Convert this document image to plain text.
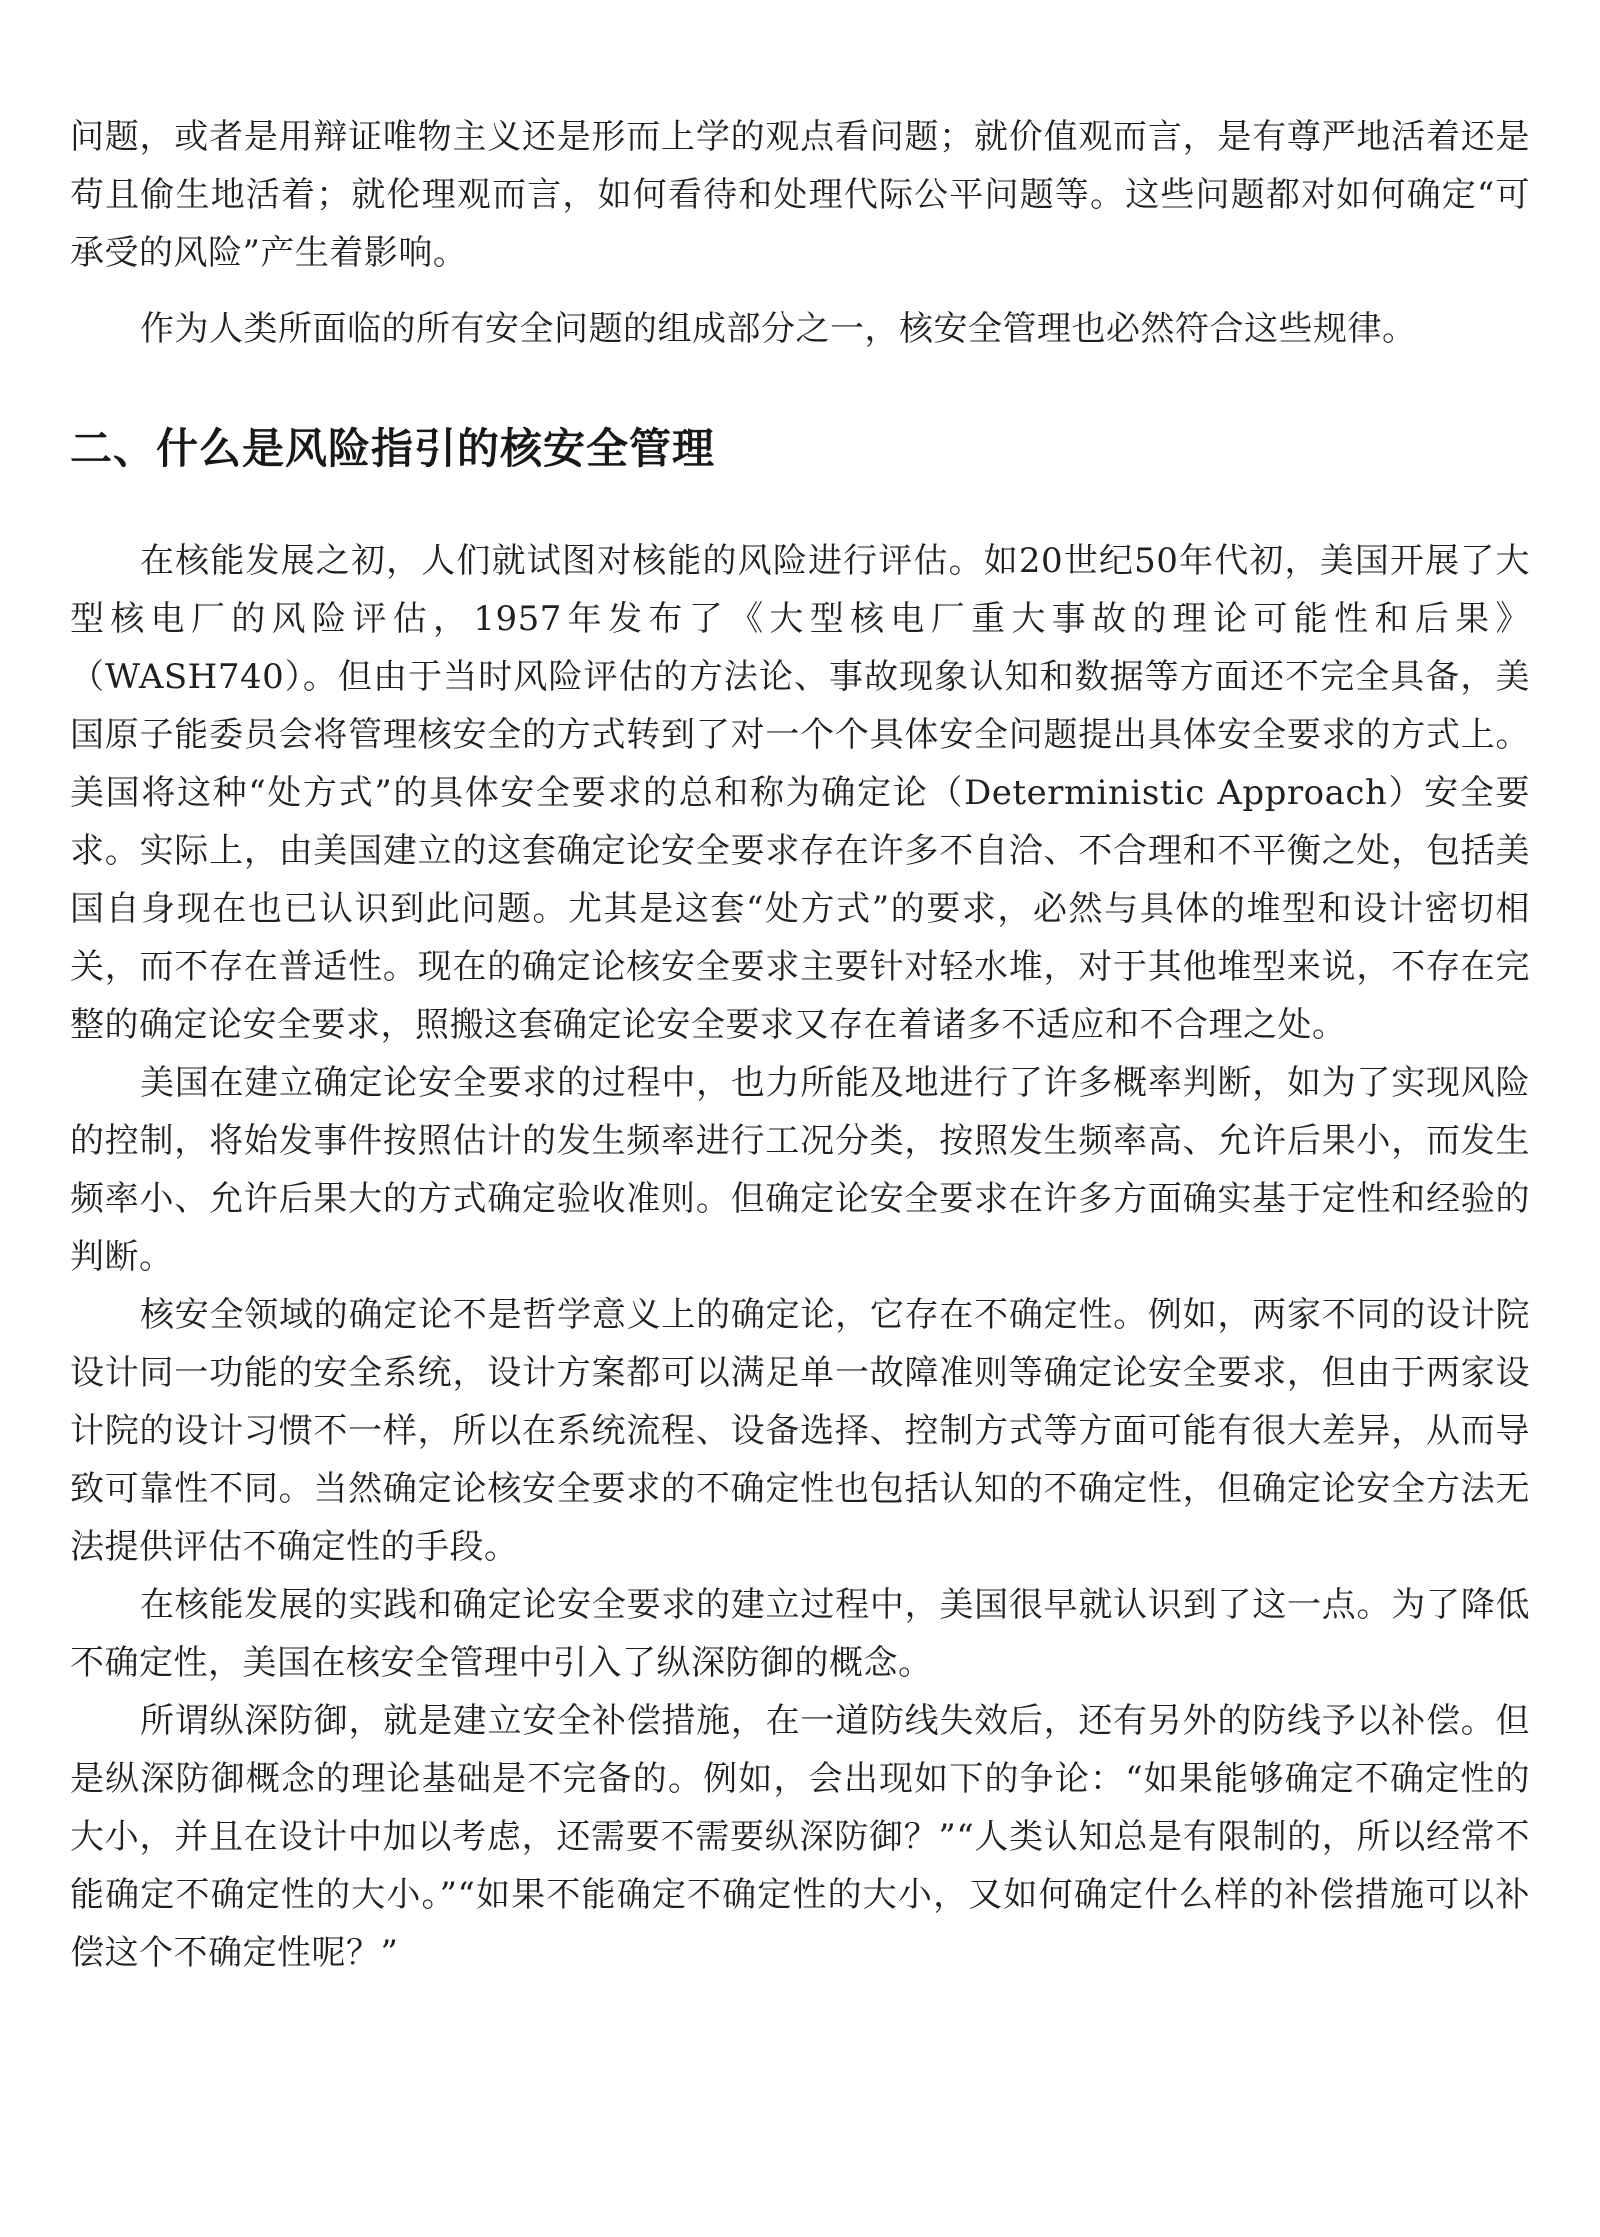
问题，或者是用辩证唯物主义还是形而上学的观点看问题；就价值观而言，是有尊严地活着还是苟且偷生地活着；就伦理观而言，如何看待和处理代际公平问题等。这些问题都对如何确定“可承受的风险”产生着影响。

作为人类所面临的所有安全问题的组成部分之一，核安全管理也必然符合这些规律。

二、什么是风险指引的核安全管理

在核能发展之初，人们就试图对核能的风险进行评估。如20世纪50年代初，美国开展了大型核电厂的风险评估，1957年发布了《大型核电厂重大事故的理论可能性和后果》（WASH740）。但由于当时风险评估的方法论、事故现象认知和数据等方面还不完全具备，美国原子能委员会将管理核安全的方式转到了对一个个具体安全问题提出具体安全要求的方式上。美国将这种“处方式”的具体安全要求的总和称为确定论（Deterministic Approach）安全要求。实际上，由美国建立的这套确定论安全要求存在许多不自洽、不合理和不平衡之处，包括美国自身现在也已认识到此问题。尤其是这套“处方式”的要求，必然与具体的堆型和设计密切相关，而不存在普适性。现在的确定论核安全要求主要针对轻水堆，对于其他堆型来说，不存在完整的确定论安全要求，照搬这套确定论安全要求又存在着诸多不适应和不合理之处。

美国在建立确定论安全要求的过程中，也力所能及地进行了许多概率判断，如为了实现风险的控制，将始发事件按照估计的发生频率进行工况分类，按照发生频率高、允许后果小，而发生频率小、允许后果大的方式确定验收准则。但确定论安全要求在许多方面确实基于定性和经验的判断。

核安全领域的确定论不是哲学意义上的确定论，它存在不确定性。例如，两家不同的设计院设计同一功能的安全系统，设计方案都可以满足单一故障准则等确定论安全要求，但由于两家设计院的设计习惯不一样，所以在系统流程、设备选择、控制方式等方面可能有很大差异，从而导致可靠性不同。当然确定论核安全要求的不确定性也包括认知的不确定性，但确定论安全方法无法提供评估不确定性的手段。

在核能发展的实践和确定论安全要求的建立过程中，美国很早就认识到了这一点。为了降低不确定性，美国在核安全管理中引入了纵深防御的概念。

所谓纵深防御，就是建立安全补偿措施，在一道防线失效后，还有另外的防线予以补偿。但是纵深防御概念的理论基础是不完备的。例如，会出现如下的争论：“如果能够确定不确定性的大小，并且在设计中加以考虑，还需要不需要纵深防御？”“人类认知总是有限制的，所以经常不能确定不确定性的大小。”“如果不能确定不确定性的大小，又如何确定什么样的补偿措施可以补偿这个不确定性呢？”
